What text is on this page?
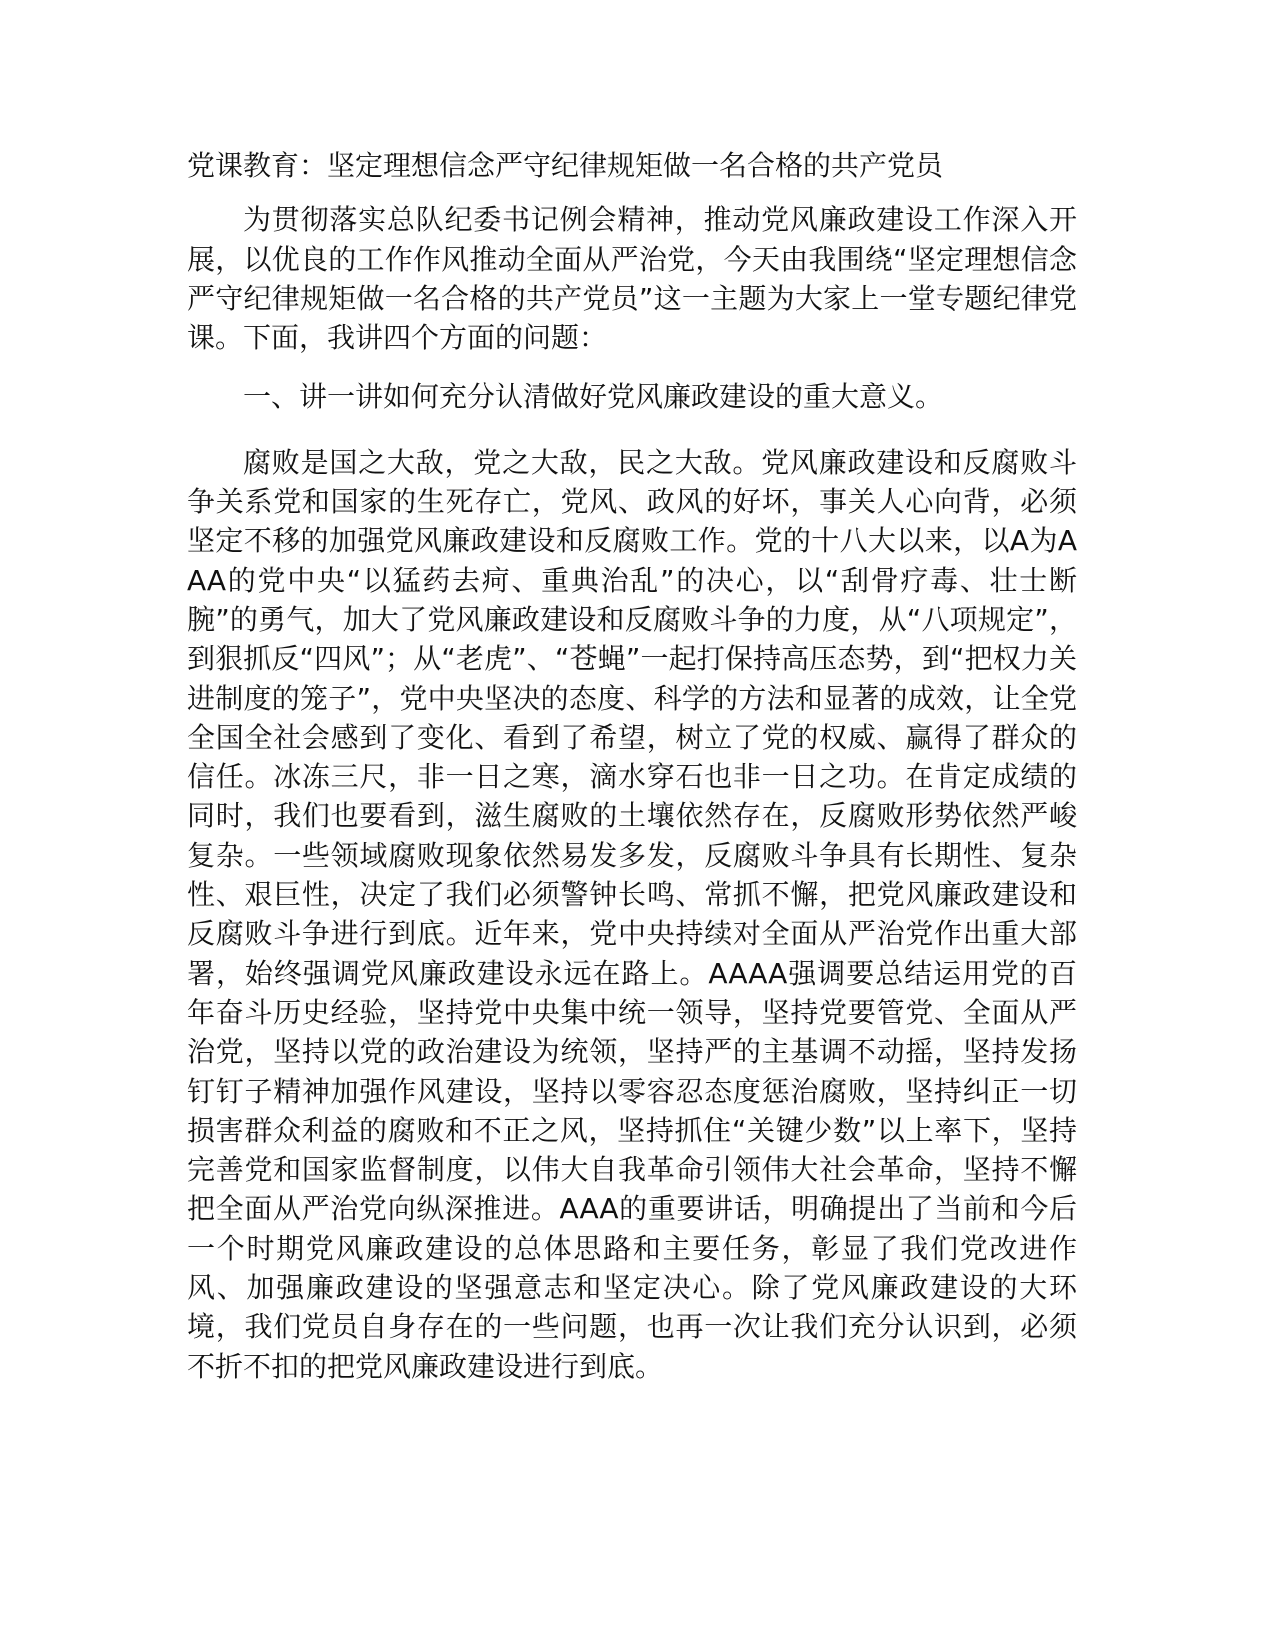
党课教育：坚定理想信念严守纪律规矩做一名合格的共产党员

为贯彻落实总队纪委书记例会精神，推动党风廉政建设工作深入开展，以优良的工作作风推动全面从严治党，今天由我围绕“坚定理想信念严守纪律规矩做一名合格的共产党员”这一主题为大家上一堂专题纪律党课。下面，我讲四个方面的问题：

一、讲一讲如何充分认清做好党风廉政建设的重大意义。

腐败是国之大敌，党之大敌，民之大敌。党风廉政建设和反腐败斗争关系党和国家的生死存亡，党风、政风的好坏，事关人心向背，必须坚定不移的加强党风廉政建设和反腐败工作。党的十八大以来，以A为AAA的党中央“以猛药去疴、重典治乱”的决心，以“刮骨疗毒、壮士断腕”的勇气，加大了党风廉政建设和反腐败斗争的力度，从“八项规定”，到狠抓反“四风”；从“老虎”、“苍蝇”一起打保持高压态势，到“把权力关进制度的笼子”，党中央坚决的态度、科学的方法和显著的成效，让全党全国全社会感到了变化、看到了希望，树立了党的权威、赢得了群众的信任。冰冻三尺，非一日之寒，滴水穿石也非一日之功。在肯定成绩的同时，我们也要看到，滋生腐败的土壤依然存在，反腐败形势依然严峻复杂。一些领域腐败现象依然易发多发，反腐败斗争具有长期性、复杂性、艰巨性，决定了我们必须警钟长鸣、常抓不懈，把党风廉政建设和反腐败斗争进行到底。近年来，党中央持续对全面从严治党作出重大部署，始终强调党风廉政建设永远在路上。AAAA强调要总结运用党的百年奋斗历史经验，坚持党中央集中统一领导，坚持党要管党、全面从严治党，坚持以党的政治建设为统领，坚持严的主基调不动摇，坚持发扬钉钉子精神加强作风建设，坚持以零容忍态度惩治腐败，坚持纠正一切损害群众利益的腐败和不正之风，坚持抓住“关键少数”以上率下，坚持完善党和国家监督制度，以伟大自我革命引领伟大社会革命，坚持不懈把全面从严治党向纵深推进。AAA的重要讲话，明确提出了当前和今后一个时期党风廉政建设的总体思路和主要任务，彰显了我们党改进作风、加强廉政建设的坚强意志和坚定决心。除了党风廉政建设的大环境，我们党员自身存在的一些问题，也再一次让我们充分认识到，必须不折不扣的把党风廉政建设进行到底。
